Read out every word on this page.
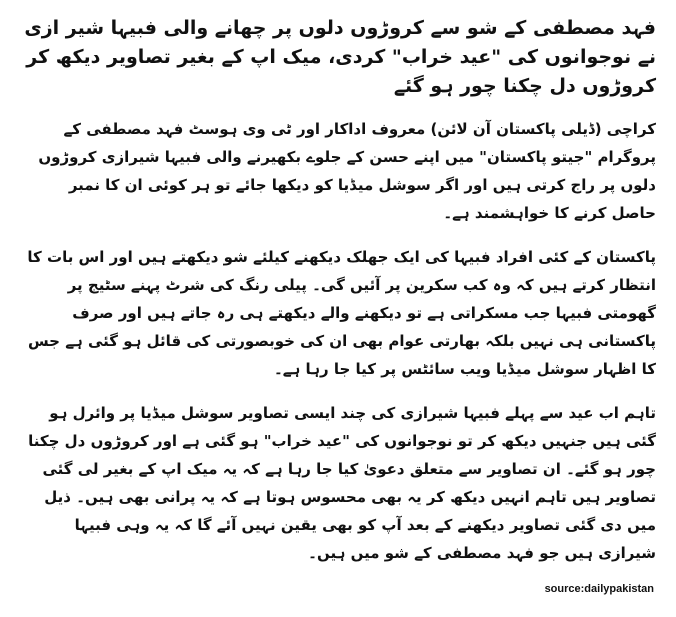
فہد مصطفی کے شو سے کروڑوں دلوں پر چھانے والی فبیہا شیر ازی نے نوجوانوں کی "عید خراب" کردی، میک اپ کے بغیر تصاویر دیکھ کر کروڑوں دل چکنا چور ہو گئے

کراچی (ڈیلی پاکستان آن لائن) معروف اداکار اور ٹی وی ہوسٹ فہد مصطفی کے پروگرام "جیتو پاکستان" میں اپنے حسن کے جلوے بکھیرنے والی فبیہا شیرازی کروڑوں دلوں پر راج کرتی ہیں اور اگر سوشل میڈیا کو دیکھا جائے تو ہر کوئی ان کا نمبر حاصل کرنے کا خواہشمند ہے۔

پاکستان کے کئی افراد فبیہا کی ایک جھلک دیکھنے کیلئے شو دیکھتے ہیں اور اس بات کا انتظار کرتے ہیں کہ وہ کب سکرین پر آئیں گی۔ پیلی رنگ کی شرٹ پہنے سٹیج پر گھومتی فبیہا جب مسکراتی ہے تو دیکھنے والے دیکھتے ہی رہ جاتے ہیں اور صرف پاکستانی ہی نہیں بلکہ بھارتی عوام بھی ان کی خوبصورتی کی قائل ہو گئی ہے جس کا اظہار سوشل میڈیا ویب سائٹس پر کیا جا رہا ہے۔

تاہم اب عید سے پہلے فبیہا شیرازی کی چند ایسی تصاویر سوشل میڈیا پر وائرل ہو گئی ہیں جنہیں دیکھ کر تو نوجوانوں کی "عید خراب" ہو گئی ہے اور کروڑوں دل چکنا چور ہو گئے۔ ان تصاویر سے متعلق دعویٰ کیا جا رہا ہے کہ یہ میک اپ کے بغیر لی گئی تصاویر ہیں تاہم انہیں دیکھ کر یہ بھی محسوس ہوتا ہے کہ یہ پرانی بھی ہیں۔ ذیل میں دی گئی تصاویر دیکھنے کے بعد آپ کو بھی یقین نہیں آئے گا کہ یہ وہی فبیہا شیرازی ہیں جو فہد مصطفی کے شو میں ہیں۔

source:dailypakistan
